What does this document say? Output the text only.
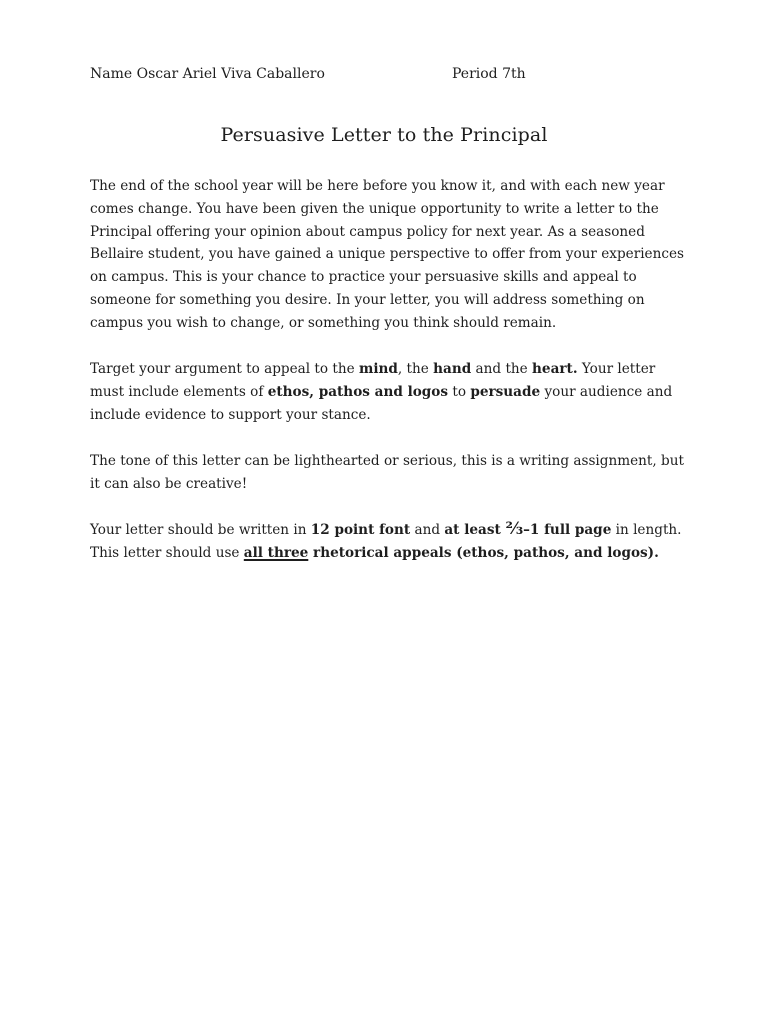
Name Oscar Ariel Viva Caballero	Period 7th
Persuasive Letter to the Principal

The end of the school year will be here before you know it, and with each new year comes change. You have been given the unique opportunity to write a letter to the Principal offering your opinion about campus policy for next year. As a seasoned Bellaire student, you have gained a unique perspective to offer from your experiences on campus. This is your chance to practice your persuasive skills and appeal to someone for something you desire. In your letter, you will address something on campus you wish to change, or something you think should remain.

Target your argument to appeal to the mind, the hand and the heart. Your letter must include elements of ethos, pathos and logos to persuade your audience and include evidence to support your stance.

The tone of this letter can be lighthearted or serious, this is a writing assignment, but it can also be creative!

Your letter should be written in 12 point font and at least ⅔–1 full page in length. This letter should use all three rhetorical appeals (ethos, pathos, and logos).
